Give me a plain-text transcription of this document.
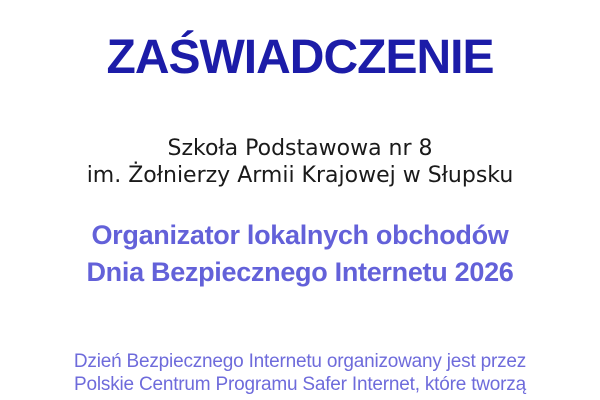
ZAŚWIADCZENIE
Szkoła Podstawowa nr 8
im. Żołnierzy Armii Krajowej w Słupsku
Organizator lokalnych obchodów
Dnia Bezpiecznego Internetu 2026
Dzień Bezpiecznego Internetu organizowany jest przez
Polskie Centrum Programu Safer Internet, które tworzą
